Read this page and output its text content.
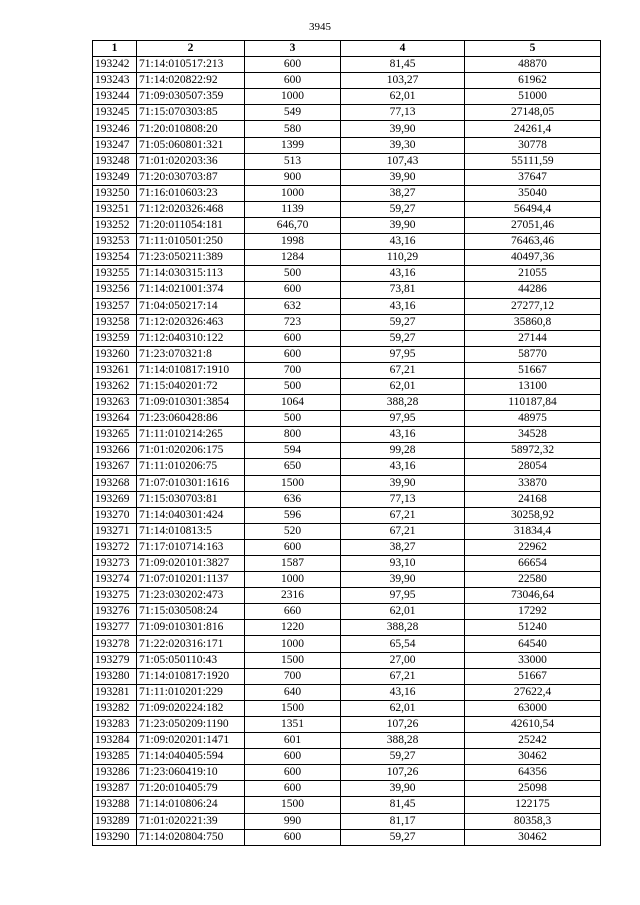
3945
1	2	3	4	5
193242	71:14:010517:213	600	81,45	48870
193243	71:14:020822:92	600	103,27	61962
193244	71:09:030507:359	1000	62,01	51000
193245	71:15:070303:85	549	77,13	27148,05
193246	71:20:010808:20	580	39,90	24261,4
193247	71:05:060801:321	1399	39,30	30778
193248	71:01:020203:36	513	107,43	55111,59
193249	71:20:030703:87	900	39,90	37647
193250	71:16:010603:23	1000	38,27	35040
193251	71:12:020326:468	1139	59,27	56494,4
193252	71:20:011054:181	646,70	39,90	27051,46
193253	71:11:010501:250	1998	43,16	76463,46
193254	71:23:050211:389	1284	110,29	40497,36
193255	71:14:030315:113	500	43,16	21055
193256	71:14:021001:374	600	73,81	44286
193257	71:04:050217:14	632	43,16	27277,12
193258	71:12:020326:463	723	59,27	35860,8
193259	71:12:040310:122	600	59,27	27144
193260	71:23:070321:8	600	97,95	58770
193261	71:14:010817:1910	700	67,21	51667
193262	71:15:040201:72	500	62,01	13100
193263	71:09:010301:3854	1064	388,28	110187,84
193264	71:23:060428:86	500	97,95	48975
193265	71:11:010214:265	800	43,16	34528
193266	71:01:020206:175	594	99,28	58972,32
193267	71:11:010206:75	650	43,16	28054
193268	71:07:010301:1616	1500	39,90	33870
193269	71:15:030703:81	636	77,13	24168
193270	71:14:040301:424	596	67,21	30258,92
193271	71:14:010813:5	520	67,21	31834,4
193272	71:17:010714:163	600	38,27	22962
193273	71:09:020101:3827	1587	93,10	66654
193274	71:07:010201:1137	1000	39,90	22580
193275	71:23:030202:473	2316	97,95	73046,64
193276	71:15:030508:24	660	62,01	17292
193277	71:09:010301:816	1220	388,28	51240
193278	71:22:020316:171	1000	65,54	64540
193279	71:05:050110:43	1500	27,00	33000
193280	71:14:010817:1920	700	67,21	51667
193281	71:11:010201:229	640	43,16	27622,4
193282	71:09:020224:182	1500	62,01	63000
193283	71:23:050209:1190	1351	107,26	42610,54
193284	71:09:020201:1471	601	388,28	25242
193285	71:14:040405:594	600	59,27	30462
193286	71:23:060419:10	600	107,26	64356
193287	71:20:010405:79	600	39,90	25098
193288	71:14:010806:24	1500	81,45	122175
193289	71:01:020221:39	990	81,17	80358,3
193290	71:14:020804:750	600	59,27	30462
